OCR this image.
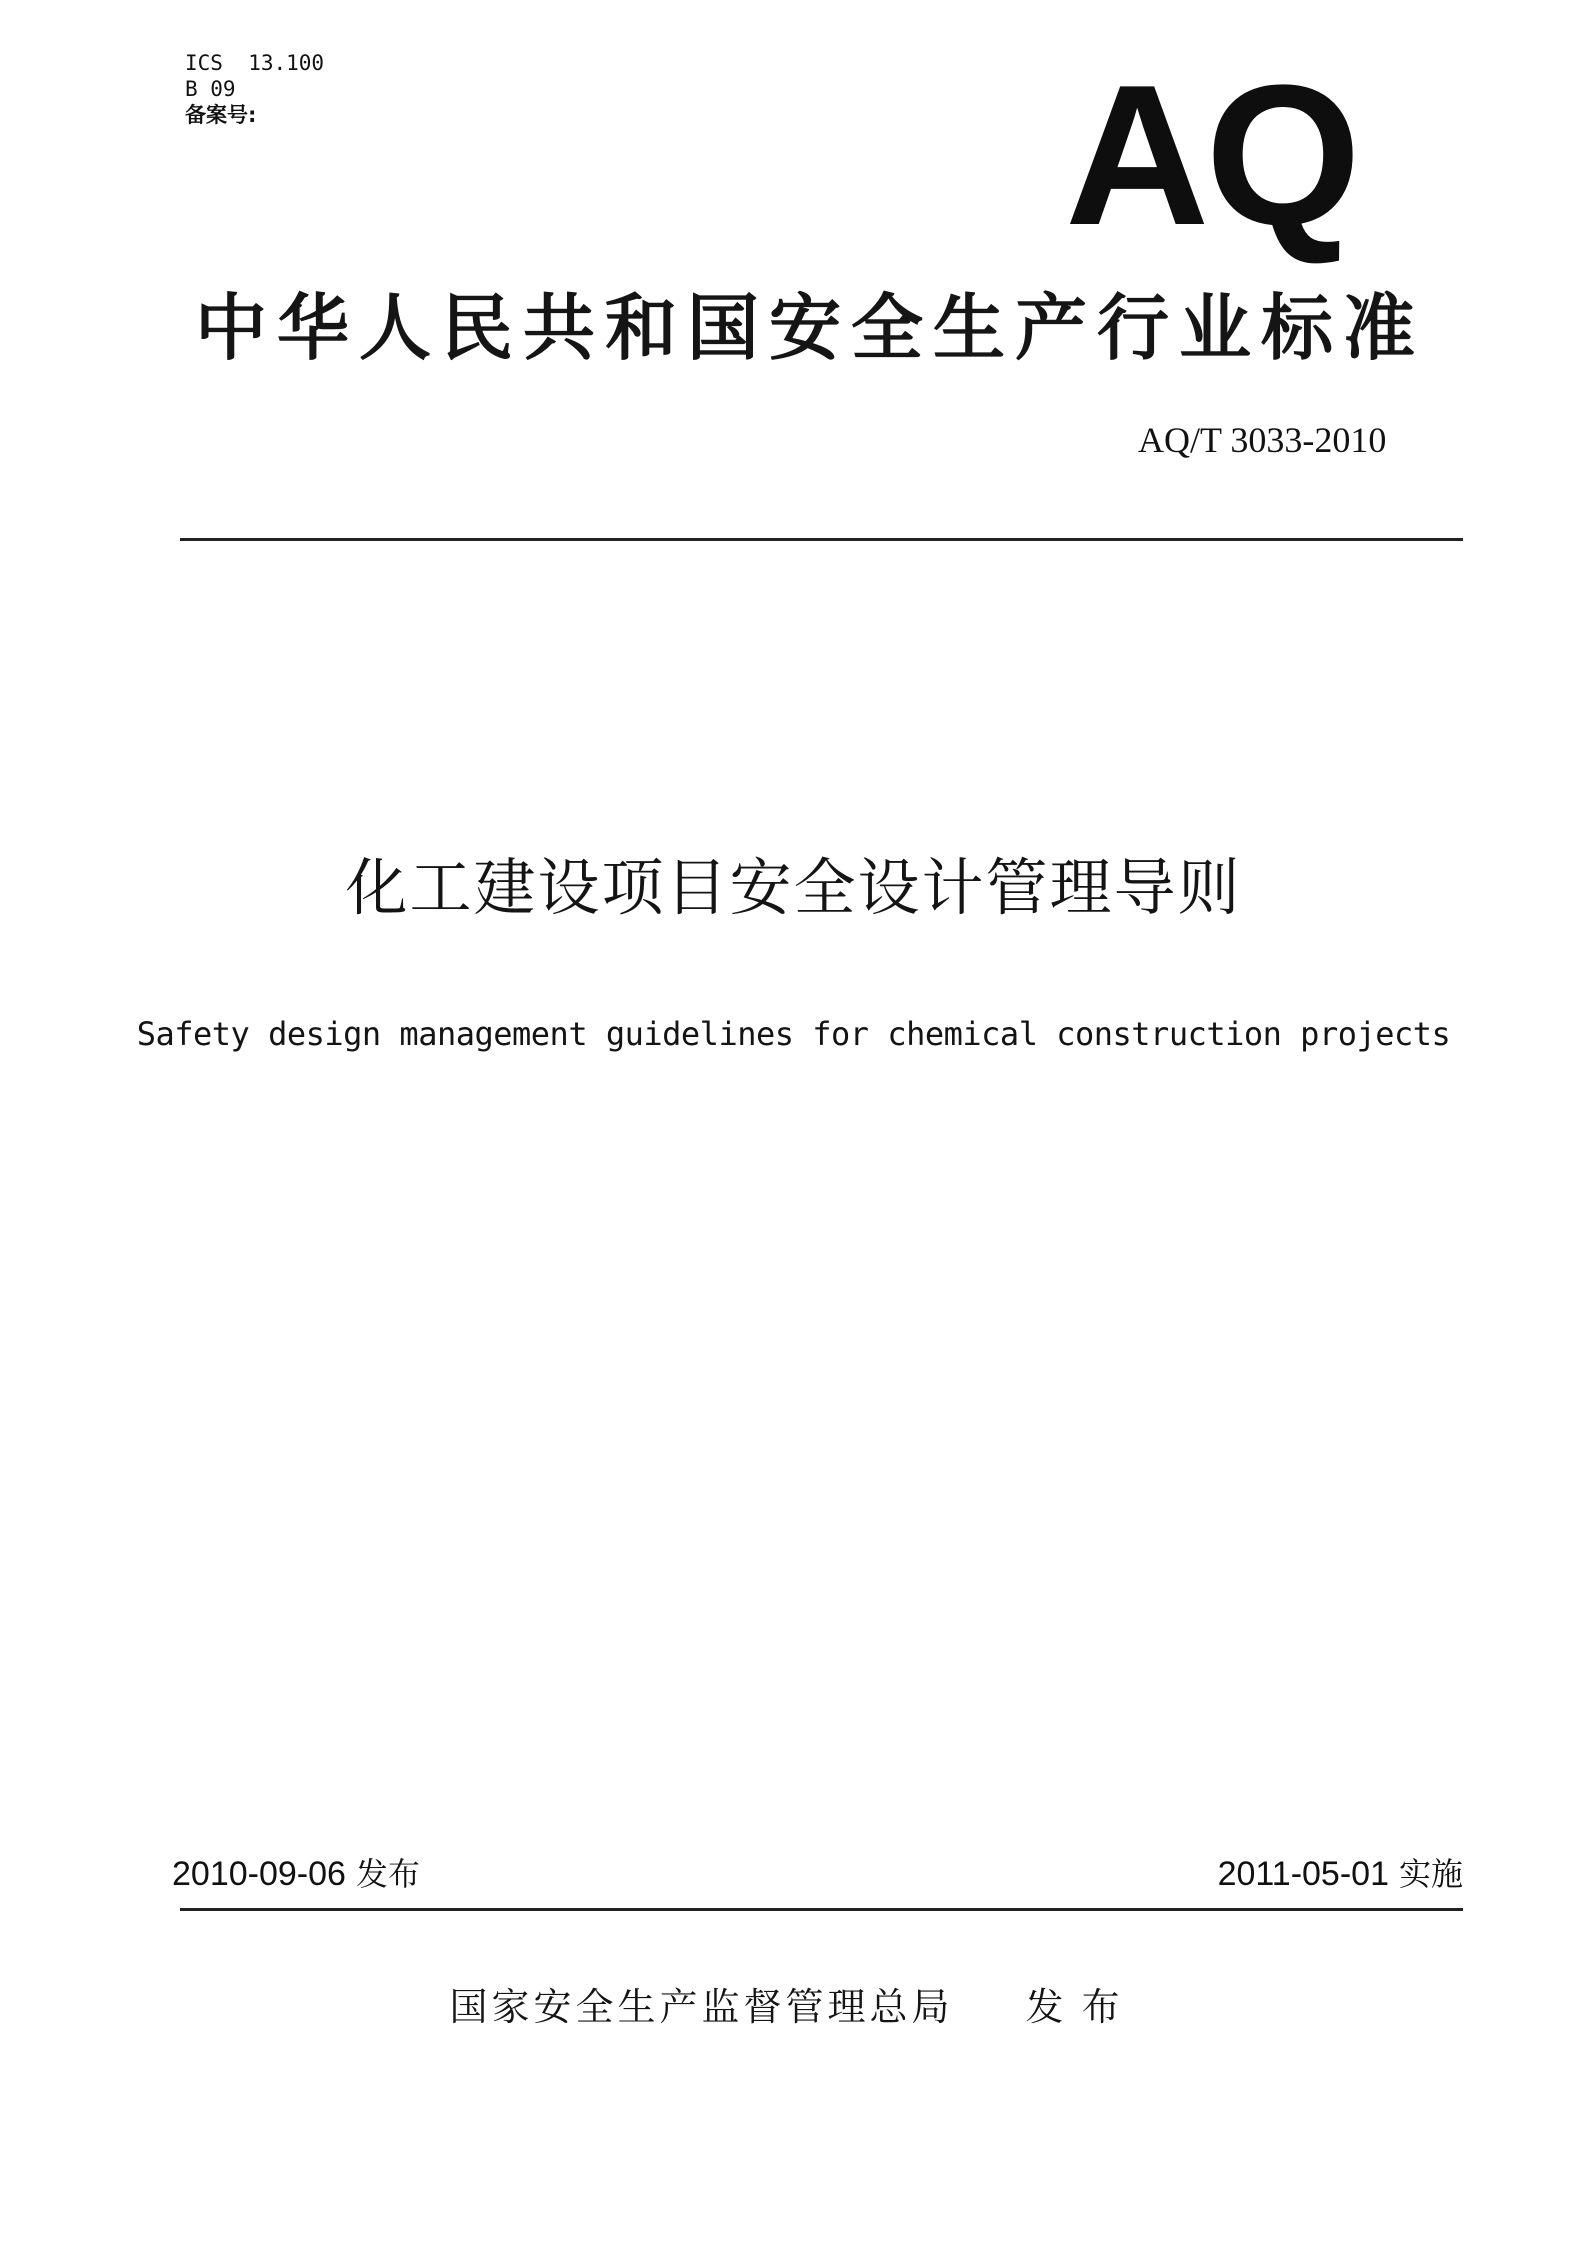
ICS  13.100
B 09
备案号:	AQ
中华人民共和国安全生产行业标准
AQ/T 3033-2010
化工建设项目安全设计管理导则
Safety design management guidelines for chemical construction projects
2010-09-06 发布	2011-05-01 实施
国家安全生产监督管理总局 发布
